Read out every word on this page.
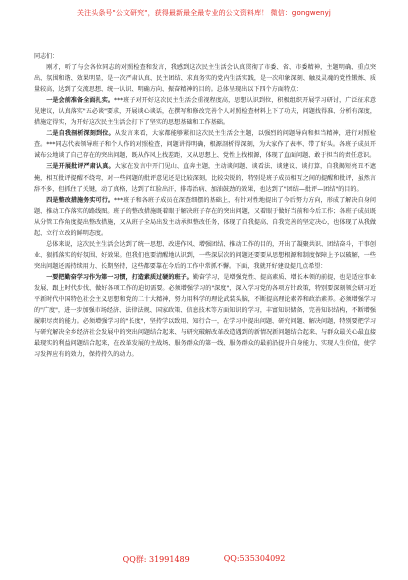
关注头条号"公文研究"，获得最新最全最专业的公文资料库！ 微信：gongwenyj

同志们：

刚才，听了与会各位同志的对照检查和发言，我感到这次民主生活会认真贯彻了市委、省、市委精神，主题明确、重点突出、氛围和谐、效果明显，是一次严肃认真、民主团结、求真务实的党内生活实践，是一次印象深刻、触及灵魂的党性锻炼、质量较高，达到了交流思想、统一认识、明确方向、振奋精神的目的。总体呈现出以下四个方面特点：

一是会前准备全面扎实。***班子对开好这次民主生活会重视程度高，思想认识到位，积极组织开展学习研讨，广泛征求意见建议，认真落实"五必谈"要求，开展谈心谈话，在撰写和修改完善个人对照检查材料上下了功夫，问题找得准、分析有深度，措施定得实，为开好这次民主生活会打下了坚实的思想基础和工作基础。

二是自我剖析深刻到位。从发言来看，大家都能够紧扣这次民主生活会主题，以强烈的问题导向和担当精神，进行对照检查。***同志代表领导班子和个人作的对照检查，问题讲得明确，根源剖析得深刻，为大家作了表率、带了好头。各班子成员开诚布公地谈了自己存在的突出问题，既从作风上找差距，又从思想上、党性上找根源，体现了直面问题、敢于担当的责任意识。

三是开展批评严肃认真。大家在发言中开门见山、直奔主题，主动谈问题、谈看法、谈建议、谈打算，自我揭短亮丑不遮掩，相互批评提醒不绕弯，对一些问题的批评意见还是比较深刻，比较尖锐的，特别是班子成员相互之间的提醒和批评，虽然言辞不多，但抓住了关键，动了真格，达到了红脸出汗，排毒治病、加油鼓劲的效果，也达到了"团结—批评—团结"的目的。

四是整改措施务实可行。***班子和各班子成员在深查细摆的基础上，有针对性地提出了今后努力方向，形成了解决自身问题、推动工作落实的路线图。班子的整改措施既着眼于解决班子存在的突出问题，又着眼于做好当前和今后工作；各班子成员既从分管工作角度提出整改措施，又从班子全局出发主动承担整改任务，体现了自我提高、自我完善的坚定决心，也体现了从我做起、立行立改的鲜明态度。

总体来说，这次民主生活会达到了统一思想、改进作风、增强团结、推动工作的目的，开出了凝聚共识、团结奋斗，干事创业、狠抓落实的好氛围、好效果。但我们也要清醒地认识到，一些深层次的问题还要要从思想根源和制度保障上予以破解，一些突出问题还需持续用力、长期坚持，这些都要靠在今后的工作中常抓不懈。下面，我就开好建设提几点希望：

一要把勤奋学习作为第一习惯，打造素质过硬的班子。勤奋学习，是增强党性、提高素质、增长本领的前提，也是适应事业发展、跟上时代步伐、做好各项工作的迫切需要。必须增强学习的"深度"，深入学习党的各项方针政策，特别要深刻领会研习近平新时代中国特色社会主义思想和党的二十大精神，努力用科学的理论武装头脑，不断提高理论素养和政治素养。必须增强学习的"广度"，进一步加强市场经济、法律法规、国家政策、信息技术等方面知识的学习，丰富知识储备，完善知识结构，不断增强履职尽责的能力。必须增强学习的"长度"，坚持学以致用、知行合一，在学习中提出问题、研究问题、解决问题，特别要把学习与研究解决全乡经济社会发展中的突出问题结合起来、与研究破解改革改造遇到的新情况新问题结合起来、与群众最关心最直接最现实的利益问题结合起来，在改革发展的主战场、服务群众的第一线、服务群众的最前沿提升自身能力、实现人生价值，使学习发挥应有的效力，保持持久的动力。

QQ群: 31991489	QQ:535304092
